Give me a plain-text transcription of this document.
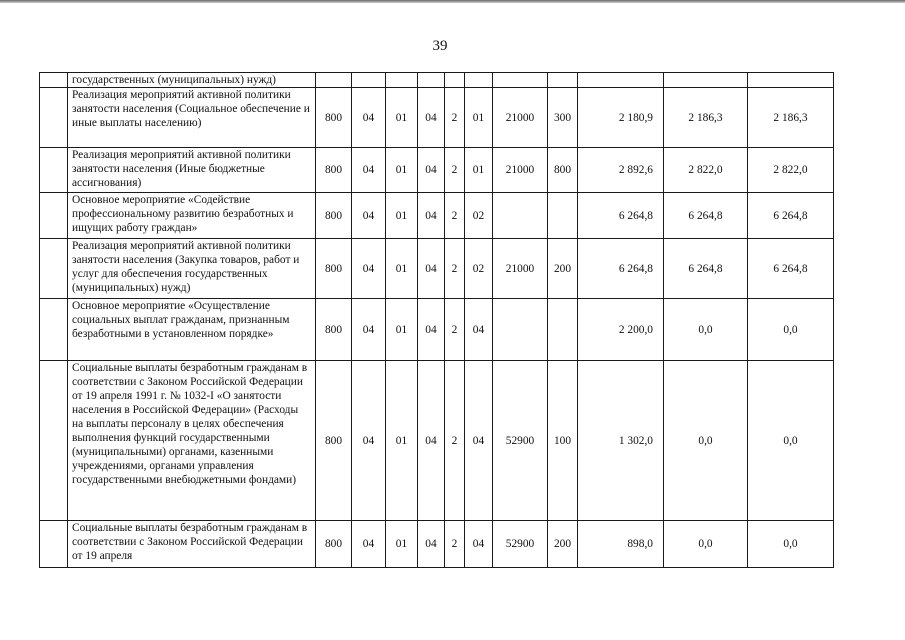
39
	государственных (муниципальных) нужд)											
	Реализация мероприятий активной политики занятости населения (Социальное обеспечение и иные выплаты населению)	800	04	01	04	2	01	21000	300	2 180,9	2 186,3	2 186,3
	Реализация мероприятий активной политики занятости населения (Иные бюджетные ассигнования)	800	04	01	04	2	01	21000	800	2 892,6	2 822,0	2 822,0
	Основное мероприятие «Содействие профессиональному развитию безработных и ищущих работу граждан»	800	04	01	04	2	02			6 264,8	6 264,8	6 264,8
	Реализация мероприятий активной политики занятости населения (Закупка товаров, работ и услуг для обеспечения государственных (муниципальных) нужд)	800	04	01	04	2	02	21000	200	6 264,8	6 264,8	6 264,8
	Основное мероприятие «Осуществление социальных выплат гражданам, признанным безработными в установленном порядке»	800	04	01	04	2	04			2 200,0	0,0	0,0
	Социальные выплаты безработным гражданам в соответствии с Законом Российской Федерации от 19 апреля 1991 г. № 1032-I «О занятости населения в Российской Федерации» (Расходы на выплаты персоналу в целях обеспечения выполнения функций государственными (муниципальными) органами, казенными учреждениями, органами управления государственными внебюджетными фондами)	800	04	01	04	2	04	52900	100	1 302,0	0,0	0,0
	Социальные выплаты безработным гражданам в соответствии с Законом Российской Федерации от 19 апреля	800	04	01	04	2	04	52900	200	898,0	0,0	0,0
